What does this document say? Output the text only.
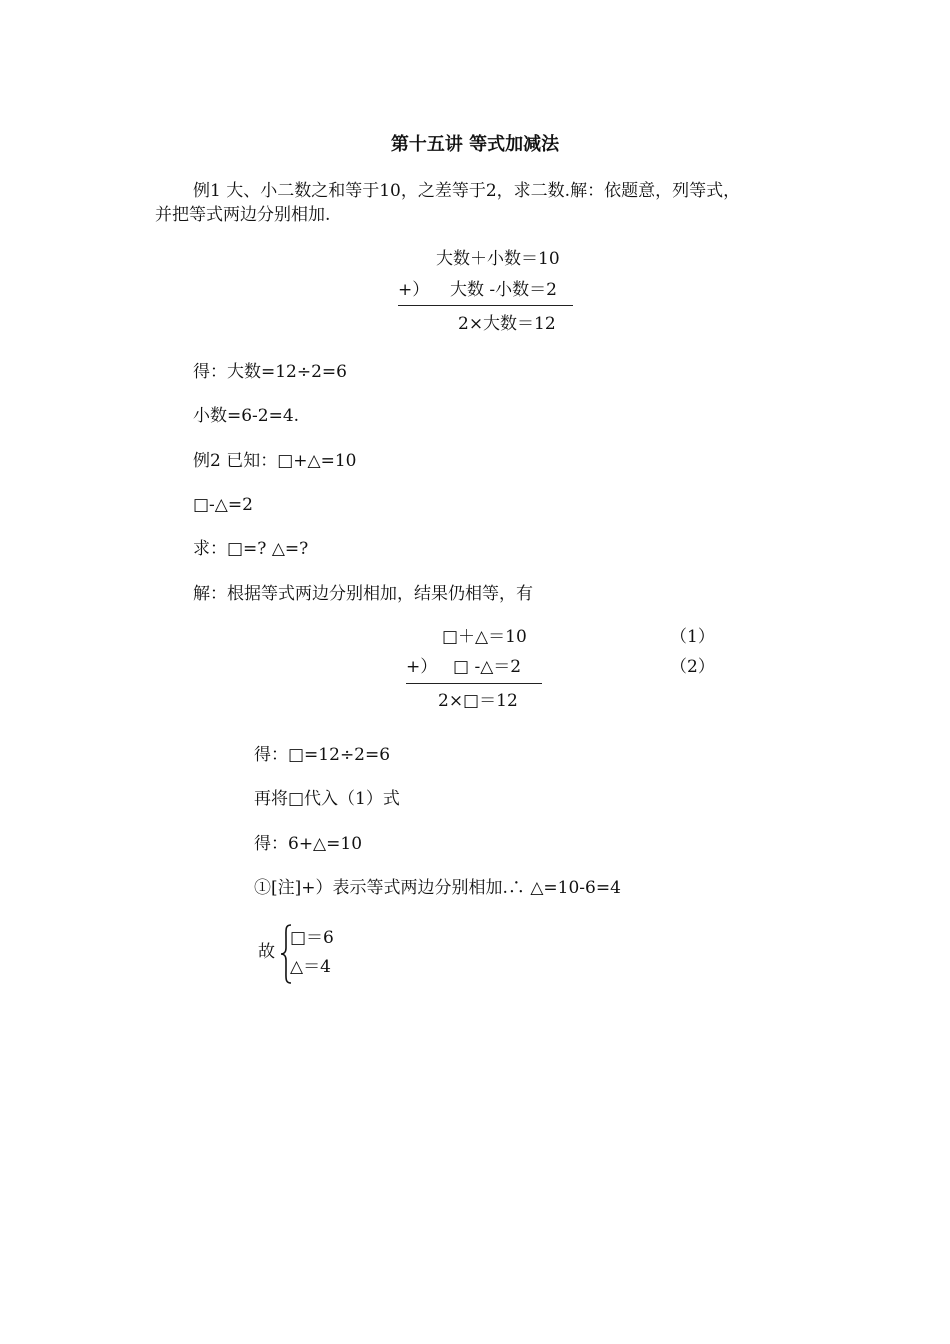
第十五讲 等式加减法
例1 大、小二数之和等于10，之差等于2，求二数.解：依题意，列等式，
并把等式两边分别相加.
大数＋小数＝10
+） 大数 -小数＝2
2×大数＝12
得：大数=12÷2=6
小数=6-2=4.
例2 已知：□+△=10
□-△=2
求：□=? △=?
解：根据等式两边分别相加，结果仍相等，有
□＋△＝10	（1）
+） □ -△＝2	（2）
2×□＝12
得：□=12÷2=6
再将□代入（1）式
得：6+△=10
①[注]+）表示等式两边分别相加.∴ △=10-6=4
故
□＝6
△＝4
